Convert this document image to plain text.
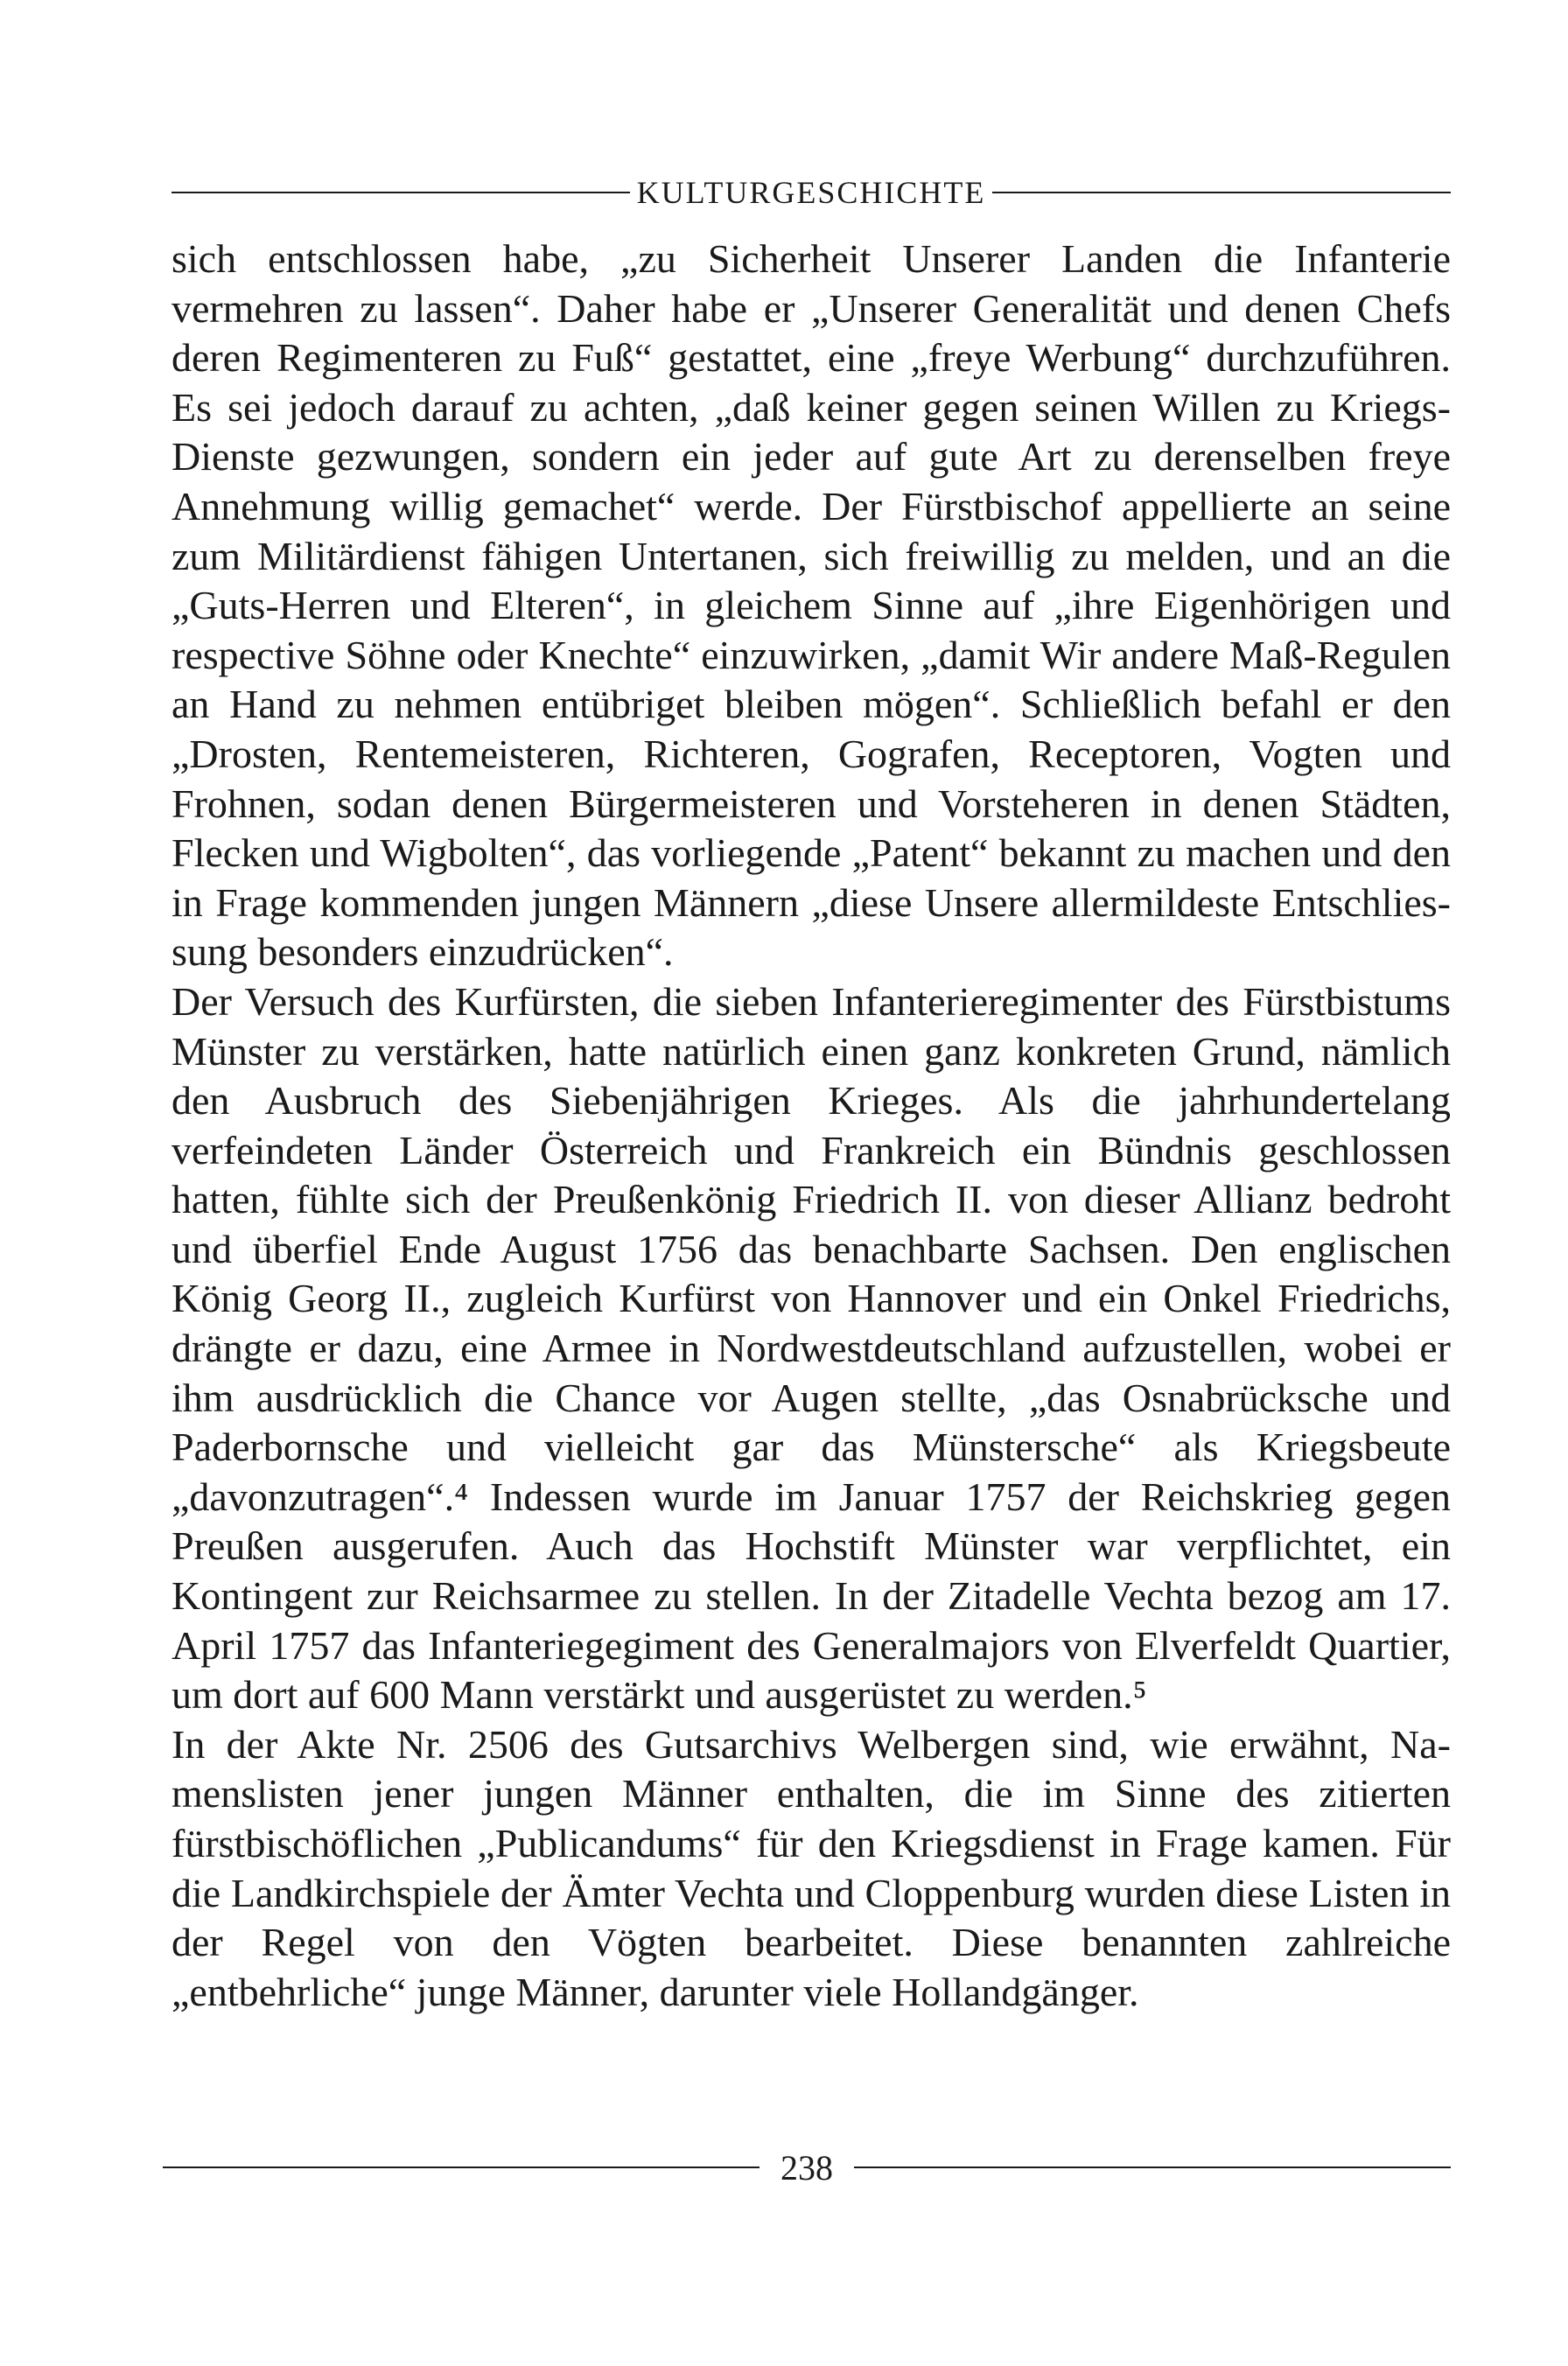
KULTURGESCHICHTE

sich entschlossen habe, „zu Sicherheit Unserer Landen die Infanterie vermehren zu lassen“. Daher habe er „Unserer Generalität und denen Chefs deren Regimenteren zu Fuß“ gestattet, eine „freye Werbung“ durchzuführen. Es sei jedoch darauf zu achten, „daß keiner gegen seinen Willen zu Kriegs-Dienste gezwungen, sondern ein jeder auf gute Art zu derenselben freye Annehmung willig gemachet“ werde. Der Fürstbischof appellierte an seine zum Militärdienst fähigen Untertanen, sich freiwillig zu melden, und an die „Guts-Herren und Elteren“, in gleichem Sinne auf „ihre Eigenhörigen und respective Söhne oder Knechte“ einzuwirken, „damit Wir andere Maß-Regulen an Hand zu nehmen entübriget bleiben mögen“. Schließlich befahl er den „Drosten, Rentemeisteren, Richteren, Gografen, Receptoren, Vogten und Frohnen, sodan denen Bürgermeisteren und Vorsteheren in denen Städten, Flecken und Wigbolten“, das vorliegende „Patent“ bekannt zu machen und den in Frage kommenden jungen Männern „diese Unsere allermildeste Entschliessung besonders einzudrücken“.

Der Versuch des Kurfürsten, die sieben Infanterieregimenter des Fürstbistums Münster zu verstärken, hatte natürlich einen ganz konkreten Grund, nämlich den Ausbruch des Siebenjährigen Krieges. Als die jahrhundertelang verfeindeten Länder Österreich und Frankreich ein Bündnis geschlossen hatten, fühlte sich der Preußenkönig Friedrich II. von dieser Allianz bedroht und überfiel Ende August 1756 das benachbarte Sachsen. Den englischen König Georg II., zugleich Kurfürst von Hannover und ein Onkel Friedrichs, drängte er dazu, eine Armee in Nordwestdeutschland aufzustellen, wobei er ihm ausdrücklich die Chance vor Augen stellte, „das Osnabrücksche und Paderbornsche und vielleicht gar das Münstersche“ als Kriegsbeute „davonzutragen“.⁴ Indessen wurde im Januar 1757 der Reichskrieg gegen Preußen ausgerufen. Auch das Hochstift Münster war verpflichtet, ein Kontingent zur Reichsarmee zu stellen. In der Zitadelle Vechta bezog am 17. April 1757 das Infanteriegegiment des Generalmajors von Elverfeldt Quartier, um dort auf 600 Mann verstärkt und ausgerüstet zu werden.⁵

In der Akte Nr. 2506 des Gutsarchivs Welbergen sind, wie erwähnt, Namenslisten jener jungen Männer enthalten, die im Sinne des zitierten fürstbischöflichen „Publicandums“ für den Kriegsdienst in Frage kamen. Für die Landkirchspiele der Ämter Vechta und Cloppenburg wurden diese Listen in der Regel von den Vögten bearbeitet. Diese benannten zahlreiche „entbehrliche“ junge Männer, darunter viele Hollandgänger.

238
